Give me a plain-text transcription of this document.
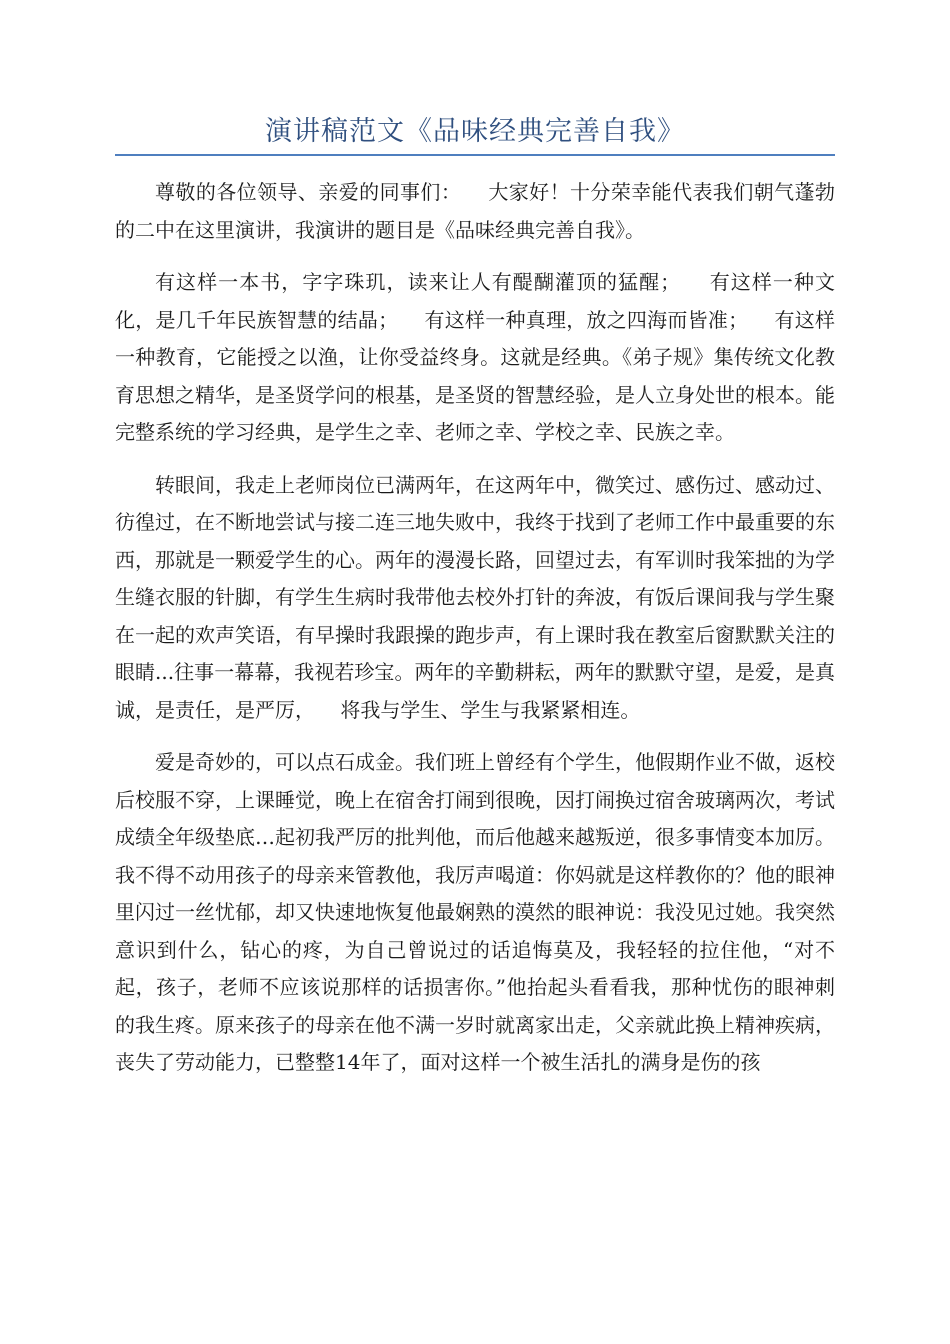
演讲稿范文《品味经典完善自我》

尊敬的各位领导、亲爱的同事们：    大家好！十分荣幸能代表我们朝气蓬勃的二中在这里演讲，我演讲的题目是《品味经典完善自我》。

有这样一本书，字字珠玑，读来让人有醍醐灌顶的猛醒；    有这样一种文化，是几千年民族智慧的结晶；    有这样一种真理，放之四海而皆准；    有这样一种教育，它能授之以渔，让你受益终身。这就是经典。《弟子规》集传统文化教育思想之精华，是圣贤学问的根基，是圣贤的智慧经验，是人立身处世的根本。能完整系统的学习经典，是学生之幸、老师之幸、学校之幸、民族之幸。

转眼间，我走上老师岗位已满两年，在这两年中，微笑过、感伤过、感动过、彷徨过，在不断地尝试与接二连三地失败中，我终于找到了老师工作中最重要的东西，那就是一颗爱学生的心。两年的漫漫长路，回望过去，有军训时我笨拙的为学生缝衣服的针脚，有学生生病时我带他去校外打针的奔波，有饭后课间我与学生聚在一起的欢声笑语，有早操时我跟操的跑步声，有上课时我在教室后窗默默关注的眼睛...往事一幕幕，我视若珍宝。两年的辛勤耕耘，两年的默默守望，是爱，是真诚，是责任，是严厉，    将我与学生、学生与我紧紧相连。

爱是奇妙的，可以点石成金。我们班上曾经有个学生，他假期作业不做，返校后校服不穿，上课睡觉，晚上在宿舍打闹到很晚，因打闹换过宿舍玻璃两次，考试成绩全年级垫底…起初我严厉的批判他，而后他越来越叛逆，很多事情变本加厉。我不得不动用孩子的母亲来管教他，我厉声喝道：你妈就是这样教你的？他的眼神里闪过一丝忧郁，却又快速地恢复他最娴熟的漠然的眼神说：我没见过她。我突然意识到什么，钻心的疼，为自己曾说过的话追悔莫及，我轻轻的拉住他，“对不起，孩子，老师不应该说那样的话损害你。”他抬起头看看我，那种忧伤的眼神刺的我生疼。原来孩子的母亲在他不满一岁时就离家出走，父亲就此换上精神疾病，丧失了劳动能力，已整整14年了，面对这样一个被生活扎的满身是伤的孩
